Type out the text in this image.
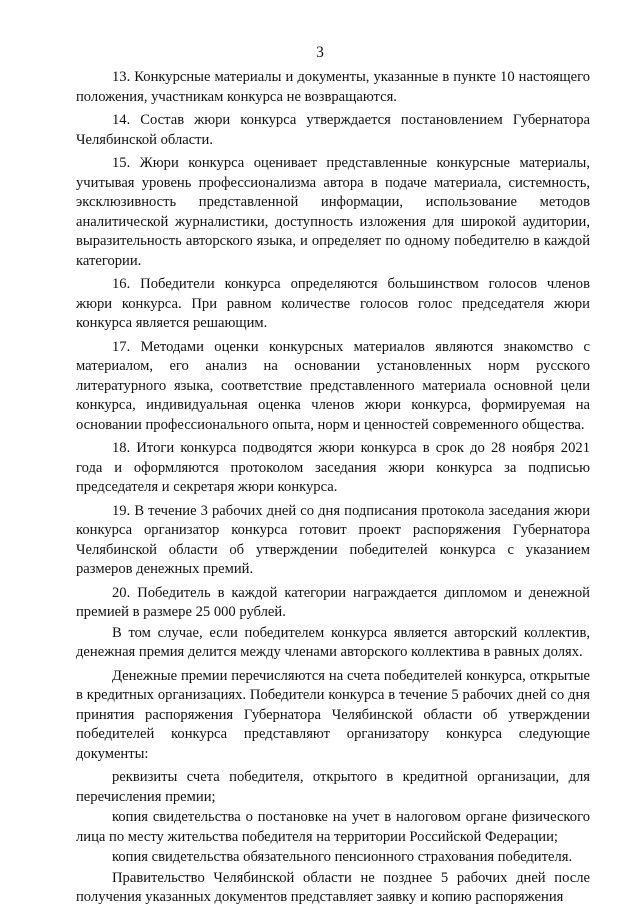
3

13. Конкурсные материалы и документы, указанные в пункте 10 настоящего положения, участникам конкурса не возвращаются.

14. Состав жюри конкурса утверждается постановлением Губернатора Челябинской области.

15. Жюри конкурса оценивает представленные конкурсные материалы, учитывая уровень профессионализма автора в подаче материала, системность, эксклюзивность представленной информации, использование методов аналитической журналистики, доступность изложения для широкой аудитории, выразительность авторского языка, и определяет по одному победителю в каждой категории.

16. Победители конкурса определяются большинством голосов членов жюри конкурса. При равном количестве голосов голос председателя жюри конкурса является решающим.

17. Методами оценки конкурсных материалов являются знакомство с материалом, его анализ на основании установленных норм русского литературного языка, соответствие представленного материала основной цели конкурса, индивидуальная оценка членов жюри конкурса, формируемая на основании профессионального опыта, норм и ценностей современного общества.

18. Итоги конкурса подводятся жюри конкурса в срок до 28 ноября 2021 года и оформляются протоколом заседания жюри конкурса за подписью председателя и секретаря жюри конкурса.

19. В течение 3 рабочих дней со дня подписания протокола заседания жюри конкурса организатор конкурса готовит проект распоряжения Губернатора Челябинской области об утверждении победителей конкурса с указанием размеров денежных премий.

20. Победитель в каждой категории награждается дипломом и денежной премией в размере 25 000 рублей.

В том случае, если победителем конкурса является авторский коллектив, денежная премия делится между членами авторского коллектива в равных долях.

Денежные премии перечисляются на счета победителей конкурса, открытые в кредитных организациях. Победители конкурса в течение 5 рабочих дней со дня принятия распоряжения Губернатора Челябинской области об утверждении победителей конкурса представляют организатору конкурса следующие документы:

реквизиты счета победителя, открытого в кредитной организации, для перечисления премии;

копия свидетельства о постановке на учет в налоговом органе физического лица по месту жительства победителя на территории Российской Федерации;

копия свидетельства обязательного пенсионного страхования победителя.

Правительство Челябинской области не позднее 5 рабочих дней после получения указанных документов представляет заявку и копию распоряжения
